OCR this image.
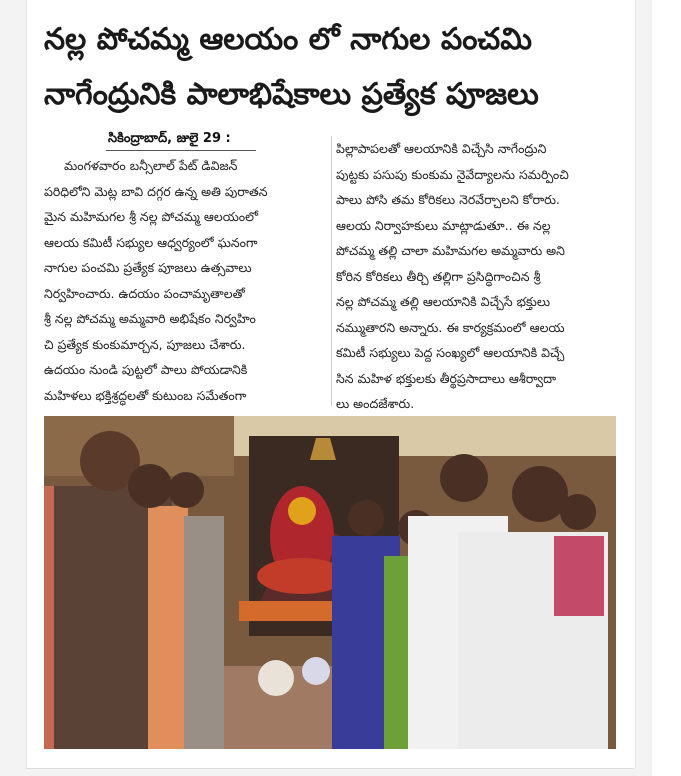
నల్ల పోచమ్మ ఆలయం లో నాగుల పంచమి
నాగేంద్రునికి పాలాభిషేకాలు ప్రత్యేక పూజలు
సికింద్రాబాద్, జులై 29 :
మంగళవారం బన్సీలాల్ పేట్ డివిజన్
పరిధిలోని మెట్ల బావి దగ్గర ఉన్న అతి పురాతన
మైన మహిమగల శ్రీ నల్ల పోచమ్మ ఆలయంలో
ఆలయ కమిటీ సభ్యుల ఆధ్వర్యంలో ఘనంగా
నాగుల పంచమి ప్రత్యేక పూజలు ఉత్సవాలు
నిర్వహించారు. ఉదయం పంచామృతాలతో
శ్రీ నల్ల పోచమ్మ అమ్మవారి అభిషేకం నిర్వహిం
చి ప్రత్యేక కుంకుమార్చన, పూజలు చేశారు.
ఉదయం నుండి పుట్టలో పాలు పోయడానికి
మహిళలు భక్తిశ్రద్ధలతో కుటుంబ సమేతంగా
పిల్లాపాపలతో ఆలయానికి విచ్చేసి నాగేంద్రుని
పుట్టకు పసుపు కుంకుమ నైవేద్యాలను సమర్పించి
పాలు పోసి తమ కోరికలు నెరవేర్చాలని కోరారు.
ఆలయ నిర్వాహకులు మాట్లాడుతూ.. ఈ నల్ల
పోచమ్మ తల్లి చాలా మహిమగల అమ్మవారు అని
కోరిన కోరికలు తీర్చి తల్లిగా ప్రసిద్ధిగాంచిన శ్రీ
నల్ల పోచమ్మ తల్లి ఆలయానికి విచ్చేసే భక్తులు
నమ్ముతారని అన్నారు. ఈ కార్యక్రమంలో ఆలయ
కమిటీ సభ్యులు పెద్ద సంఖ్యలో ఆలయానికి విచ్చే
సిన మహిళ భక్తులకు తీర్థప్రసాదాలు ఆశీర్వాదా
లు అందజేశారు.
